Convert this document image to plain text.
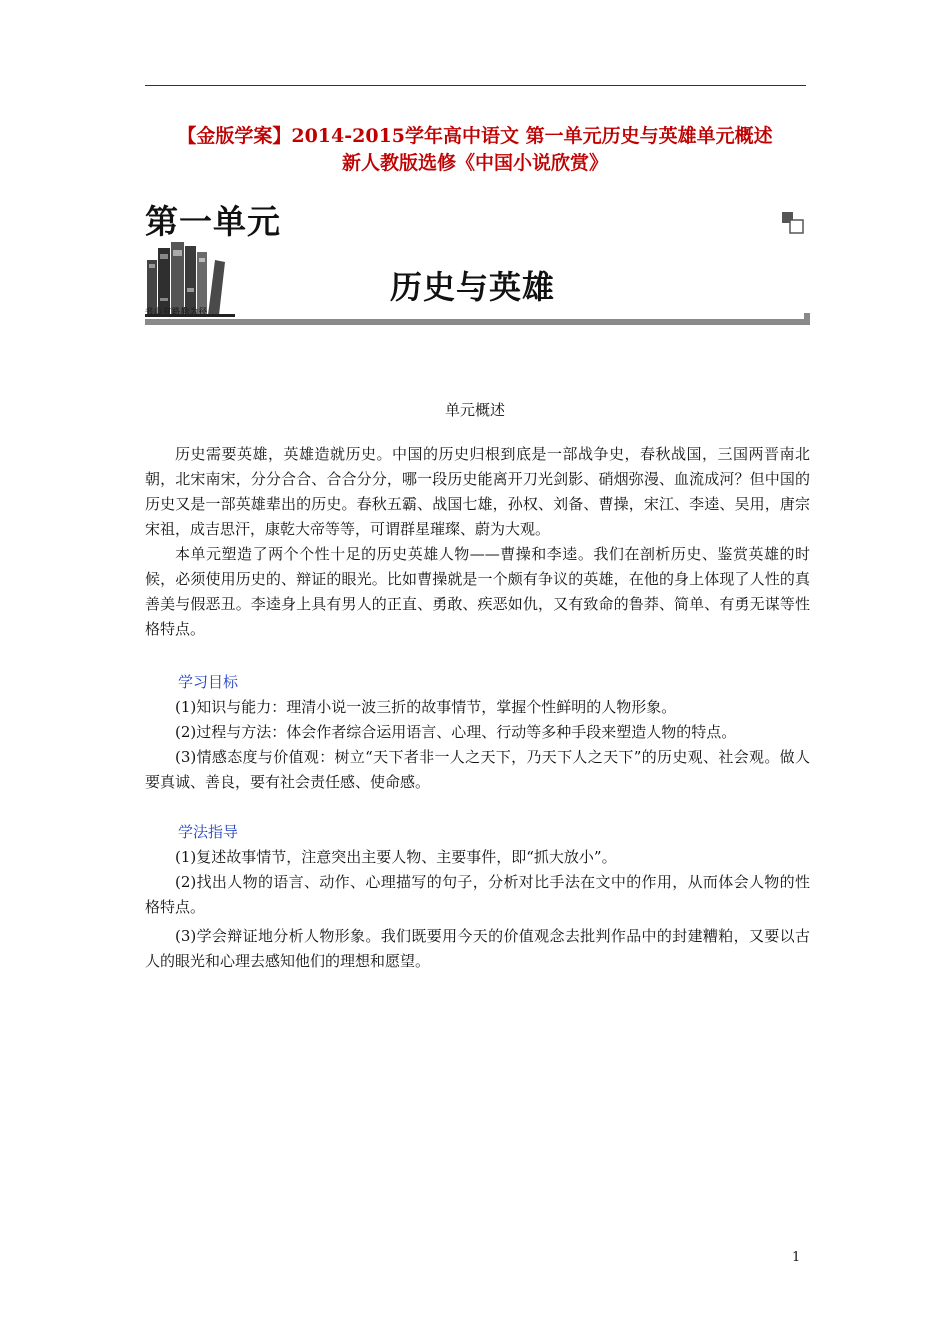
【金版学案】2014-2015学年高中语文 第一单元历史与英雄单元概述
新人教版选修《中国小说欣赏》
第一单元
书山有路勤为径
历史与英雄
单元概述

历史需要英雄，英雄造就历史。中国的历史归根到底是一部战争史，春秋战国，三国两晋南北朝，北宋南宋，分分合合、合合分分，哪一段历史能离开刀光剑影、硝烟弥漫、血流成河？但中国的历史又是一部英雄辈出的历史。春秋五霸、战国七雄，孙权、刘备、曹操，宋江、李逵、吴用，唐宗宋祖，成吉思汗，康乾大帝等等，可谓群星璀璨、蔚为大观。

本单元塑造了两个个性十足的历史英雄人物——曹操和李逵。我们在剖析历史、鉴赏英雄的时候，必须使用历史的、辩证的眼光。比如曹操就是一个颇有争议的英雄，在他的身上体现了人性的真善美与假恶丑。李逵身上具有男人的正直、勇敢、疾恶如仇，又有致命的鲁莽、简单、有勇无谋等性格特点。

学习目标

(1)知识与能力：理清小说一波三折的故事情节，掌握个性鲜明的人物形象。

(2)过程与方法：体会作者综合运用语言、心理、行动等多种手段来塑造人物的特点。

(3)情感态度与价值观：树立“天下者非一人之天下，乃天下人之天下”的历史观、社会观。做人要真诚、善良，要有社会责任感、使命感。

学法指导

(1)复述故事情节，注意突出主要人物、主要事件，即“抓大放小”。

(2)找出人物的语言、动作、心理描写的句子，分析对比手法在文中的作用，从而体会人物的性格特点。

(3)学会辩证地分析人物形象。我们既要用今天的价值观念去批判作品中的封建糟粕，又要以古人的眼光和心理去感知他们的理想和愿望。

1
